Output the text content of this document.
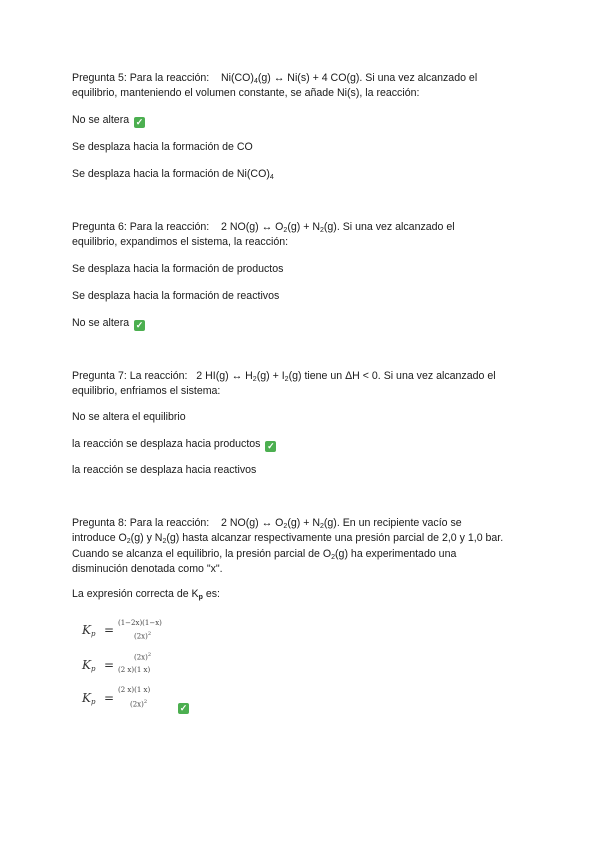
Pregunta 5: Para la reacción: $Ni(CO)_4(g)$ ↔ Ni(s) + 4 CO(g). Si una vez alcanzado el
equilibrio, manteniendo el volumen constante, se añade Ni(s), la reacción:

No se altera ✓

Se desplaza hacia la formación de CO

Se desplaza hacia la formación de $Ni(CO)_4$

Pregunta 6: Para la reacción: 2 NO(g) ↔ $O_2(g) + N_2(g)$. Si una vez alcanzado el
equilibrio, expandimos el sistema, la reacción:

Se desplaza hacia la formación de productos

Se desplaza hacia la formación de reactivos

No se altera ✓

Pregunta 7: La reacción: 2 HI(g) ↔ $H_2(g) + I_2(g)$ tiene un ΔH < 0. Si una vez alcanzado el
equilibrio, enfriamos el sistema:

No se altera el equilibrio

la reacción se desplaza hacia productos ✓

la reacción se desplaza hacia reactivos

Pregunta 8: Para la reacción: 2 NO(g) ↔ $O_2(g) + N_2(g)$. En un recipiente vacío se
introduce $O_2(g)$ y $N_2(g)$ hasta alcanzar respectivamente una presión parcial de 2,0 y 1,0 bar.
Cuando se alcanza el equilibrio, la presión parcial de $O_2(g)$ ha experimentado una
disminución denotada como "x".

La expresión correcta de $K_p$ es:

$K_p = (1-2x)(1-x)$
$(2x)^2$
$K_p$ =
$(2x)^2$
(2 x)(1 x)
$K_p$ =
(2 x)(1 x)
$(2x)^2$
✓
